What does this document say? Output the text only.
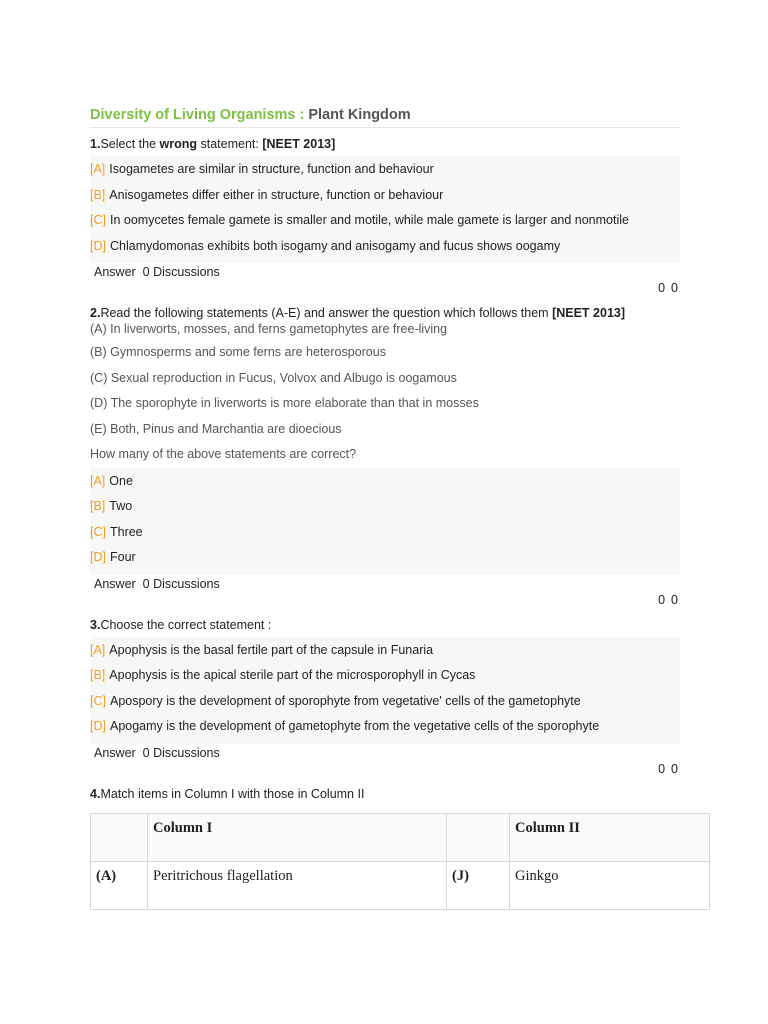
Diversity of Living Organisms : Plant Kingdom
1.Select the wrong statement: [NEET 2013]
[A] Isogametes are similar in structure, function and behaviour
[B] Anisogametes differ either in structure, function or behaviour
[C] In oomycetes female gamete is smaller and motile, while male gamete is larger and nonmotile
[D] Chlamydomonas exhibits both isogamy and anisogamy and fucus shows oogamy
Answer 0 Discussions
0 0
2.Read the following statements (A-E) and answer the question which follows them [NEET 2013]
(A) In liverworts, mosses, and ferns gametophytes are free-living
(B) Gymnosperms and some ferns are heterosporous
(C) Sexual reproduction in Fucus, Volvox and Albugo is oogamous
(D) The sporophyte in liverworts is more elaborate than that in mosses
(E) Both, Pinus and Marchantia are dioecious
How many of the above statements are correct?
[A] One
[B] Two
[C] Three
[D] Four
Answer 0 Discussions
0 0
3.Choose the correct statement :
[A] Apophysis is the basal fertile part of the capsule in Funaria
[B] Apophysis is the apical sterile part of the microsporophyll in Cycas
[C] Apospory is the development of sporophyte from vegetative' cells of the gametophyte
[D] Apogamy is the development of gametophyte from the vegetative cells of the sporophyte
Answer 0 Discussions
0 0
4.Match items in Column I with those in Column II
	Column I		Column II
(A)	Peritrichous flagellation	(J)	Ginkgo
